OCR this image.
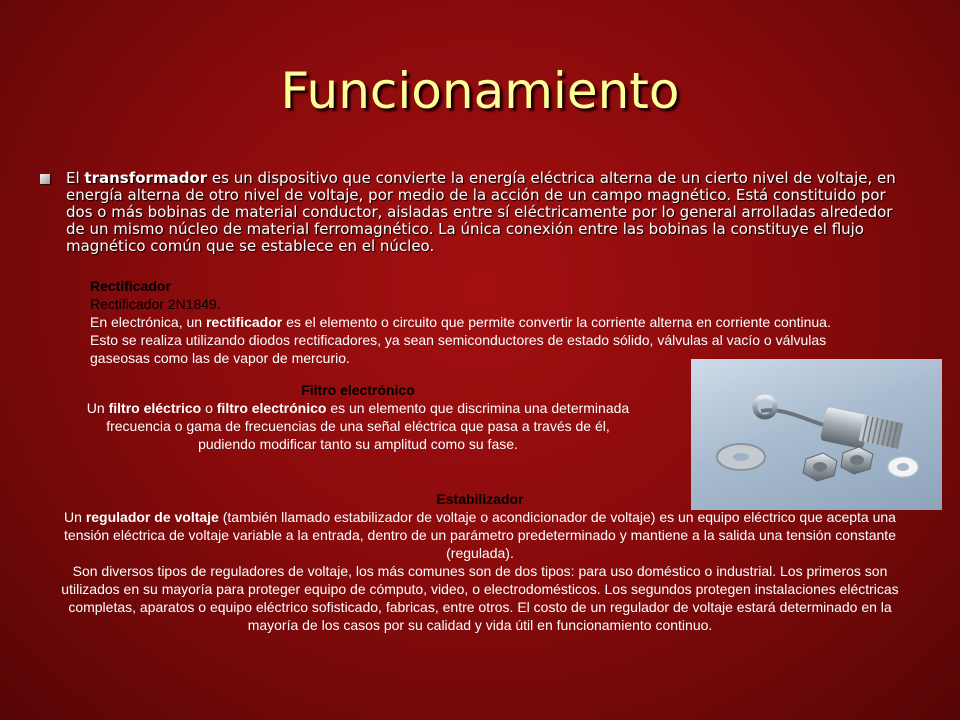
Funcionamiento
El transformador es un dispositivo que convierte la energía eléctrica alterna de un cierto nivel de voltaje, en energía alterna de otro nivel de voltaje, por medio de la acción de un campo magnético. Está constituido por dos o más bobinas de material conductor, aisladas entre sí eléctricamente por lo general arrolladas alrededor de un mismo núcleo de material ferromagnético. La única conexión entre las bobinas la constituye el flujo magnético común que se establece en el núcleo.
Rectificador
Rectificador 2N1849.
En electrónica, un rectificador es el elemento o circuito que permite convertir la corriente alterna en corriente continua. Esto se realiza utilizando diodos rectificadores, ya sean semiconductores de estado sólido, válvulas al vacío o válvulas gaseosas como las de vapor de mercurio.
Filtro electrónico
Un filtro eléctrico o filtro electrónico es un elemento que discrimina una determinada frecuencia o gama de frecuencias de una señal eléctrica que pasa a través de él, pudiendo modificar tanto su amplitud como su fase.
Estabilizador
Un regulador de voltaje (también llamado estabilizador de voltaje o acondicionador de voltaje) es un equipo eléctrico que acepta una tensión eléctrica de voltaje variable a la entrada, dentro de un parámetro predeterminado y mantiene a la salida una tensión constante (regulada).
Son diversos tipos de reguladores de voltaje, los más comunes son de dos tipos: para uso doméstico o industrial. Los primeros son utilizados en su mayoría para proteger equipo de cómputo, video, o electrodomésticos. Los segundos protegen instalaciones eléctricas completas, aparatos o equipo eléctrico sofisticado, fabricas, entre otros. El costo de un regulador de voltaje estará determinado en la mayoría de los casos por su calidad y vida útil en funcionamiento continuo.
